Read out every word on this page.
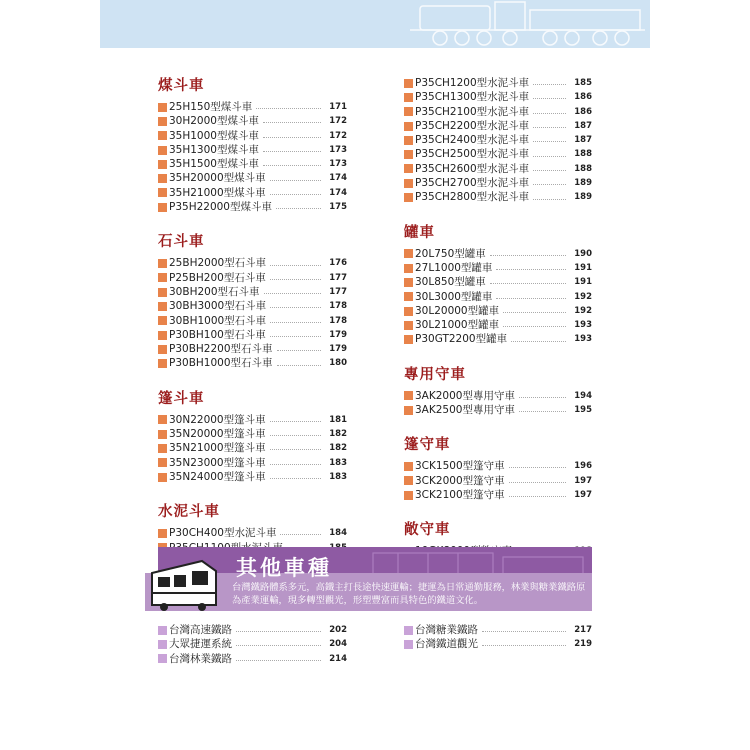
煤斗車
25H150型煤斗車	171
30H2000型煤斗車	172
35H1000型煤斗車	172
35H1300型煤斗車	173
35H1500型煤斗車	173
35H20000型煤斗車	174
35H21000型煤斗車	174
P35H22000型煤斗車	175
石斗車
25BH2000型石斗車	176
P25BH200型石斗車	177
30BH200型石斗車	177
30BH3000型石斗車	178
30BH1000型石斗車	178
P30BH100型石斗車	179
P30BH2200型石斗車	179
P30BH1000型石斗車	180
篷斗車
30N22000型篷斗車	181
35N20000型篷斗車	182
35N21000型篷斗車	182
35N23000型篷斗車	183
35N24000型篷斗車	183
水泥斗車
P30CH400型水泥斗車	184
P35CH1200型水泥斗車	185
P35CH1300型水泥斗車	186
P35CH2100型水泥斗車	186
P35CH2200型水泥斗車	187
P35CH2400型水泥斗車	187
P35CH2500型水泥斗車	188
P35CH2600型水泥斗車	188
P35CH2700型水泥斗車	189
P35CH2800型水泥斗車	189
罐車
20L750型罐車	190
27L1000型罐車	191
30L850型罐車	191
30L3000型罐車	192
30L20000型罐車	192
30L21000型罐車	193
P30GT2200型罐車	193
專用守車
3AK2000型專用守車	194
3AK2500型專用守車	195
篷守車
3CK1500型篷守車	196
3CK2000型篷守車	197
3CK2100型篷守車	197
敞守車
其他車種
台灣鐵路體系多元，高鐵主打長途快速運輸；捷運為日常通勤服務，林業與糖業鐵路原為產業運輸，現多轉型觀光，形塑豐富而具特色的鐵道文化。
台灣高速鐵路	202
大眾捷運系統	204
台灣林業鐵路	214
台灣糖業鐵路	217
台灣鐵道觀光	219
